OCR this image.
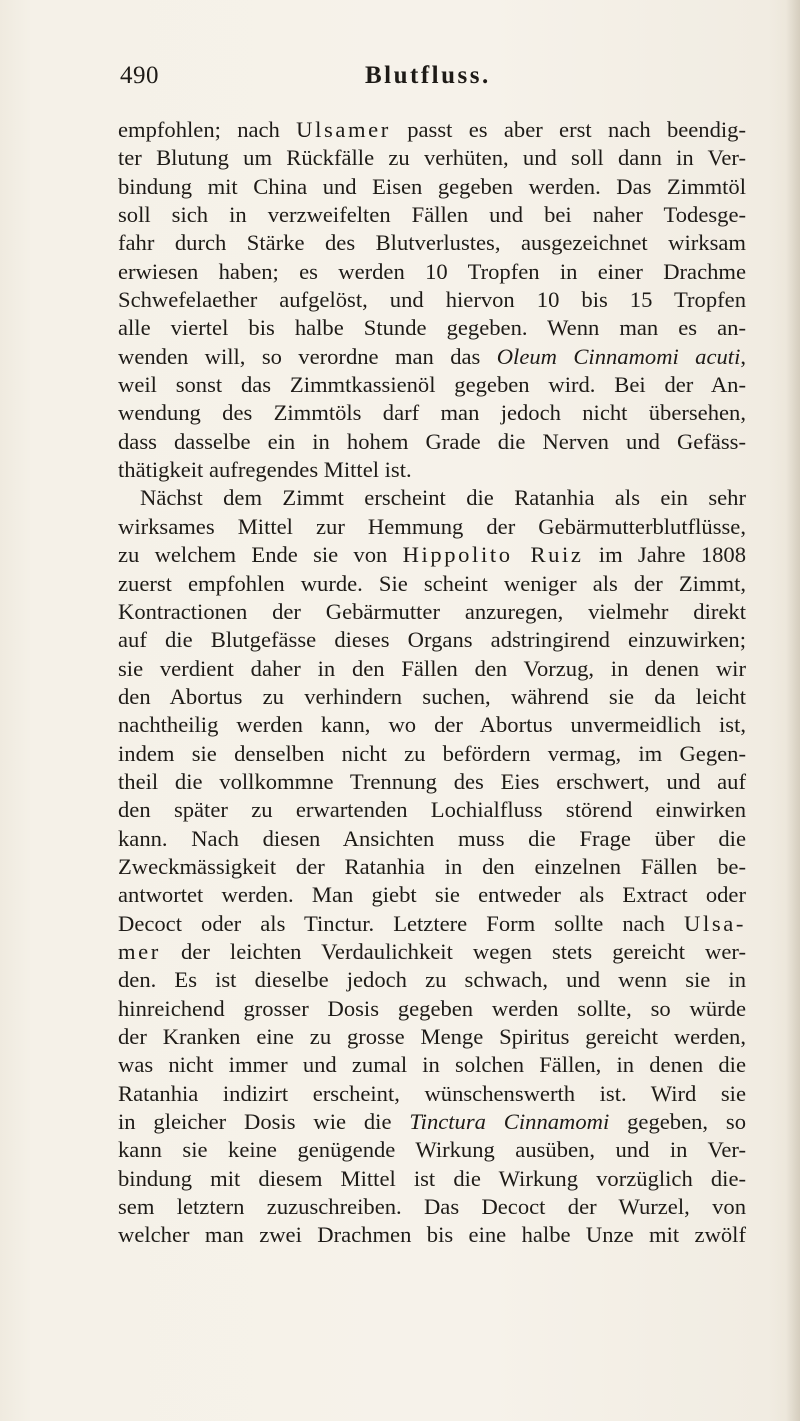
490	Blutfluss.
empfohlen; nach Ulsamer passt es aber erst nach beendig-
ter Blutung um Rückfälle zu verhüten, und soll dann in Ver-
bindung mit China und Eisen gegeben werden. Das Zimmtöl
soll sich in verzweifelten Fällen und bei naher Todesge-
fahr durch Stärke des Blutverlustes, ausgezeichnet wirksam
erwiesen haben; es werden 10 Tropfen in einer Drachme
Schwefelaether aufgelöst, und hiervon 10 bis 15 Tropfen
alle viertel bis halbe Stunde gegeben. Wenn man es an-
wenden will, so verordne man das Oleum Cinnamomi acuti,
weil sonst das Zimmtkassienöl gegeben wird. Bei der An-
wendung des Zimmtöls darf man jedoch nicht übersehen,
dass dasselbe ein in hohem Grade die Nerven und Gefäss-
thätigkeit aufregendes Mittel ist.
Nächst dem Zimmt erscheint die Ratanhia als ein sehr
wirksames Mittel zur Hemmung der Gebärmutterblutflüsse,
zu welchem Ende sie von Hippolito Ruiz im Jahre 1808
zuerst empfohlen wurde. Sie scheint weniger als der Zimmt,
Kontractionen der Gebärmutter anzuregen, vielmehr direkt
auf die Blutgefässe dieses Organs adstringirend einzuwirken;
sie verdient daher in den Fällen den Vorzug, in denen wir
den Abortus zu verhindern suchen, während sie da leicht
nachtheilig werden kann, wo der Abortus unvermeidlich ist,
indem sie denselben nicht zu befördern vermag, im Gegen-
theil die vollkommne Trennung des Eies erschwert, und auf
den später zu erwartenden Lochialfluss störend einwirken
kann. Nach diesen Ansichten muss die Frage über die
Zweckmässigkeit der Ratanhia in den einzelnen Fällen be-
antwortet werden. Man giebt sie entweder als Extract oder
Decoct oder als Tinctur. Letztere Form sollte nach Ulsa-
mer der leichten Verdaulichkeit wegen stets gereicht wer-
den. Es ist dieselbe jedoch zu schwach, und wenn sie in
hinreichend grosser Dosis gegeben werden sollte, so würde
der Kranken eine zu grosse Menge Spiritus gereicht werden,
was nicht immer und zumal in solchen Fällen, in denen die
Ratanhia indizirt erscheint, wünschenswerth ist. Wird sie
in gleicher Dosis wie die Tinctura Cinnamomi gegeben, so
kann sie keine genügende Wirkung ausüben, und in Ver-
bindung mit diesem Mittel ist die Wirkung vorzüglich die-
sem letztern zuzuschreiben. Das Decoct der Wurzel, von
welcher man zwei Drachmen bis eine halbe Unze mit zwölf
